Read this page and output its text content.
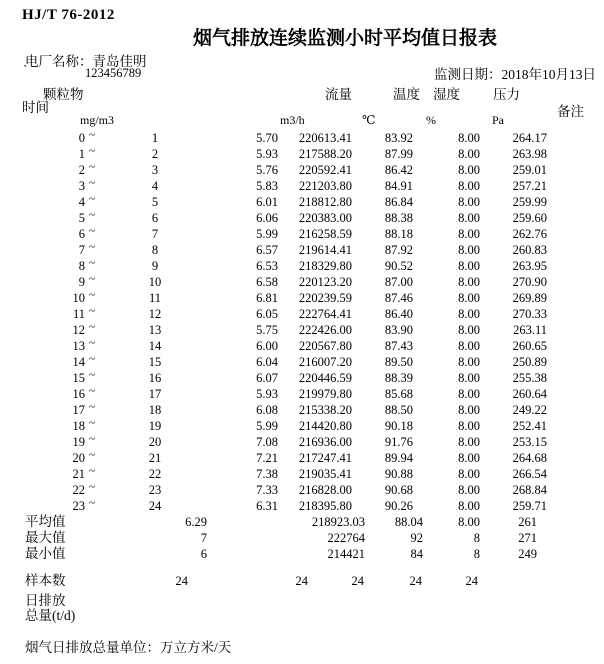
HJ/T 76-2012
烟气排放连续监测小时平均值日报表
电厂名称：青岛佳明
`	123456789	监测日期：2018年10月13日
颗粒物
时间
流量	温度 湿度 压力
备注
mg/m3	m3/h	℃	%	Pa
0 ~	1	5.70 220613.41	83.92	8.00	264.17
1 ~	2	5.93 217588.20	87.99	8.00	263.98
2 ~	3	5.76 220592.41	86.42	8.00	259.01
3 ~	4	5.83 221203.80	84.91	8.00	257.21
4 ~	5	6.01 218812.80	86.84	8.00	259.99
5 ~	6	6.06 220383.00	88.38	8.00	259.60
6 ~	7	5.99 216258.59	88.18	8.00	262.76
7 ~	8	6.57 219614.41	87.92	8.00	260.83
8 ~	9	6.53 218329.80	90.52	8.00	263.95
9 ~	10	6.58 220123.20	87.00	8.00	270.90
10 ~	11	6.81 220239.59	87.46	8.00	269.89
11 ~	12	6.05 222764.41	86.40	8.00	270.33
12 ~	13	5.75 222426.00	83.90	8.00	263.11
13 ~	14	6.00 220567.80	87.43	8.00	260.65
14 ~	15	6.04 216007.20	89.50	8.00	250.89
15 ~	16	6.07 220446.59	88.39	8.00	255.38
16 ~	17	5.93 219979.80	85.68	8.00	260.64
17 ~	18	6.08 215338.20	88.50	8.00	249.22
18 ~	19	5.99 214420.80	90.18	8.00	252.41
19 ~	20	7.08 216936.00	91.76	8.00	253.15
20 ~	21	7.21 217247.41	89.94	8.00	264.68
21 ~	22	7.38 219035.41	90.88	8.00	266.54
22 ~	23	7.33 216828.00	90.68	8.00	268.84
23 ~	24	6.31 218395.80	90.26	8.00	259.71
平均值	6.29	218923.03 88.04	8.00	261
最大值	7	222764	92	8	271
最小值	6	214421	84	8	249
样本数	24	24	24	24	24
日排放
总量(t/d)
烟气日排放总量单位：万立方米/天
